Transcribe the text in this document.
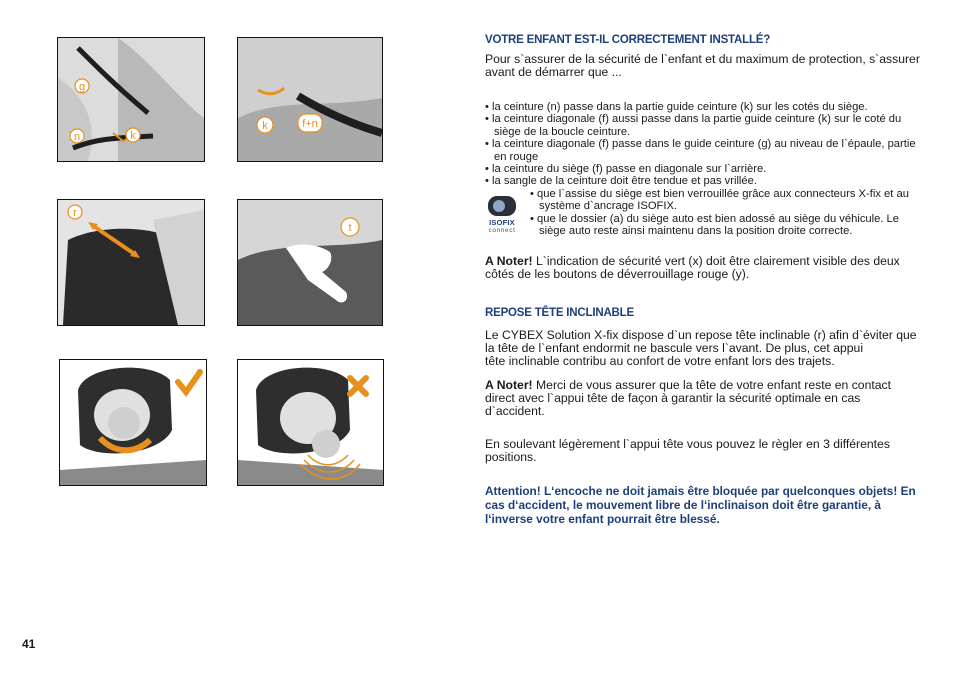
g
n	k
k	f+n
r
t
VOTRE ENFANT EST-IL CORRECTEMENT INSTALLÉ?

Pour s`assurer de la sécurité de l`enfant et du maximum de protection, s`assurer avant de démarrer que ...

• la ceinture (n) passe dans la partie guide ceinture (k) sur les cotés du siège.
• la ceinture diagonale (f) aussi passe dans la partie guide ceinture (k) sur le coté du siège de la boucle ceinture.
• la ceinture diagonale (f) passe dans le guide ceinture (g) au niveau de l`épaule, partie en rouge
• la ceinture du siège (f) passe en diagonale sur l`arrière.
• la sangle de la ceinture doit être tendue et pas vrillée.
ISOFIX
connect
• que l`assise du siège est bien verrouillée grâce aux connecteurs X-fix et au système d`ancrage ISOFIX.
• que le dossier (a) du siège auto est bien adossé au siège du véhicule. Le siège auto reste ainsi maintenu dans la position droite correcte.

A Noter! L`indication de sécurité vert (x) doit être clairement visible des deux côtés de les boutons de déverrouillage rouge (y).

REPOSE TÊTE INCLINABLE

Le CYBEX Solution X-fix dispose d`un repose tête inclinable (r) afin d`éviter que la tête de l`enfant endormit ne bascule vers l`avant. De plus, cet appui

tête inclinable contribu au confort de votre enfant lors des trajets.

A Noter! Merci de vous assurer que la tête de votre enfant reste en contact direct avec l`appui tête de façon à garantir la sécurité optimale en cas d`accident.

En soulevant légèrement l`appui tête vous pouvez le règler en 3 différentes positions.

Attention! L‘encoche ne doit jamais être bloquée par quelconques objets! En cas d‘accident, le mouvement libre de l‘inclinaison doit être garantie, à l‘inverse votre enfant pourrait être blessé.

41
